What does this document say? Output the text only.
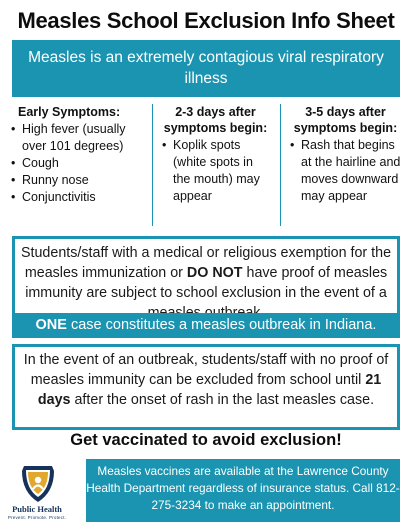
Measles School Exclusion Info Sheet
Measles is an extremely contagious viral respiratory illness
Early Symptoms:
• High fever (usually over 101 degrees)
• Cough
• Runny nose
• Conjunctivitis
2-3 days after symptoms begin:
• Koplik spots (white spots in the mouth) may appear
3-5 days after symptoms begin:
• Rash that begins at the hairline and moves downward may appear
Students/staff with a medical or religious exemption for the measles immunization or DO NOT have proof of measles immunity are subject to school exclusion in the event of a
ONE case constitutes a measles outbreak in Indiana.
In the event of an outbreak, students/staff with no proof of measles immunity can be excluded from school until 21 days after the onset of rash in the last measles case.
Get vaccinated to avoid exclusion!
Public Health
Prevent. Promote. Protect.
Measles vaccines are available at the Lawrence County Health Department regardless of insurance status. Call 812-275-3234 to make an appointment.
